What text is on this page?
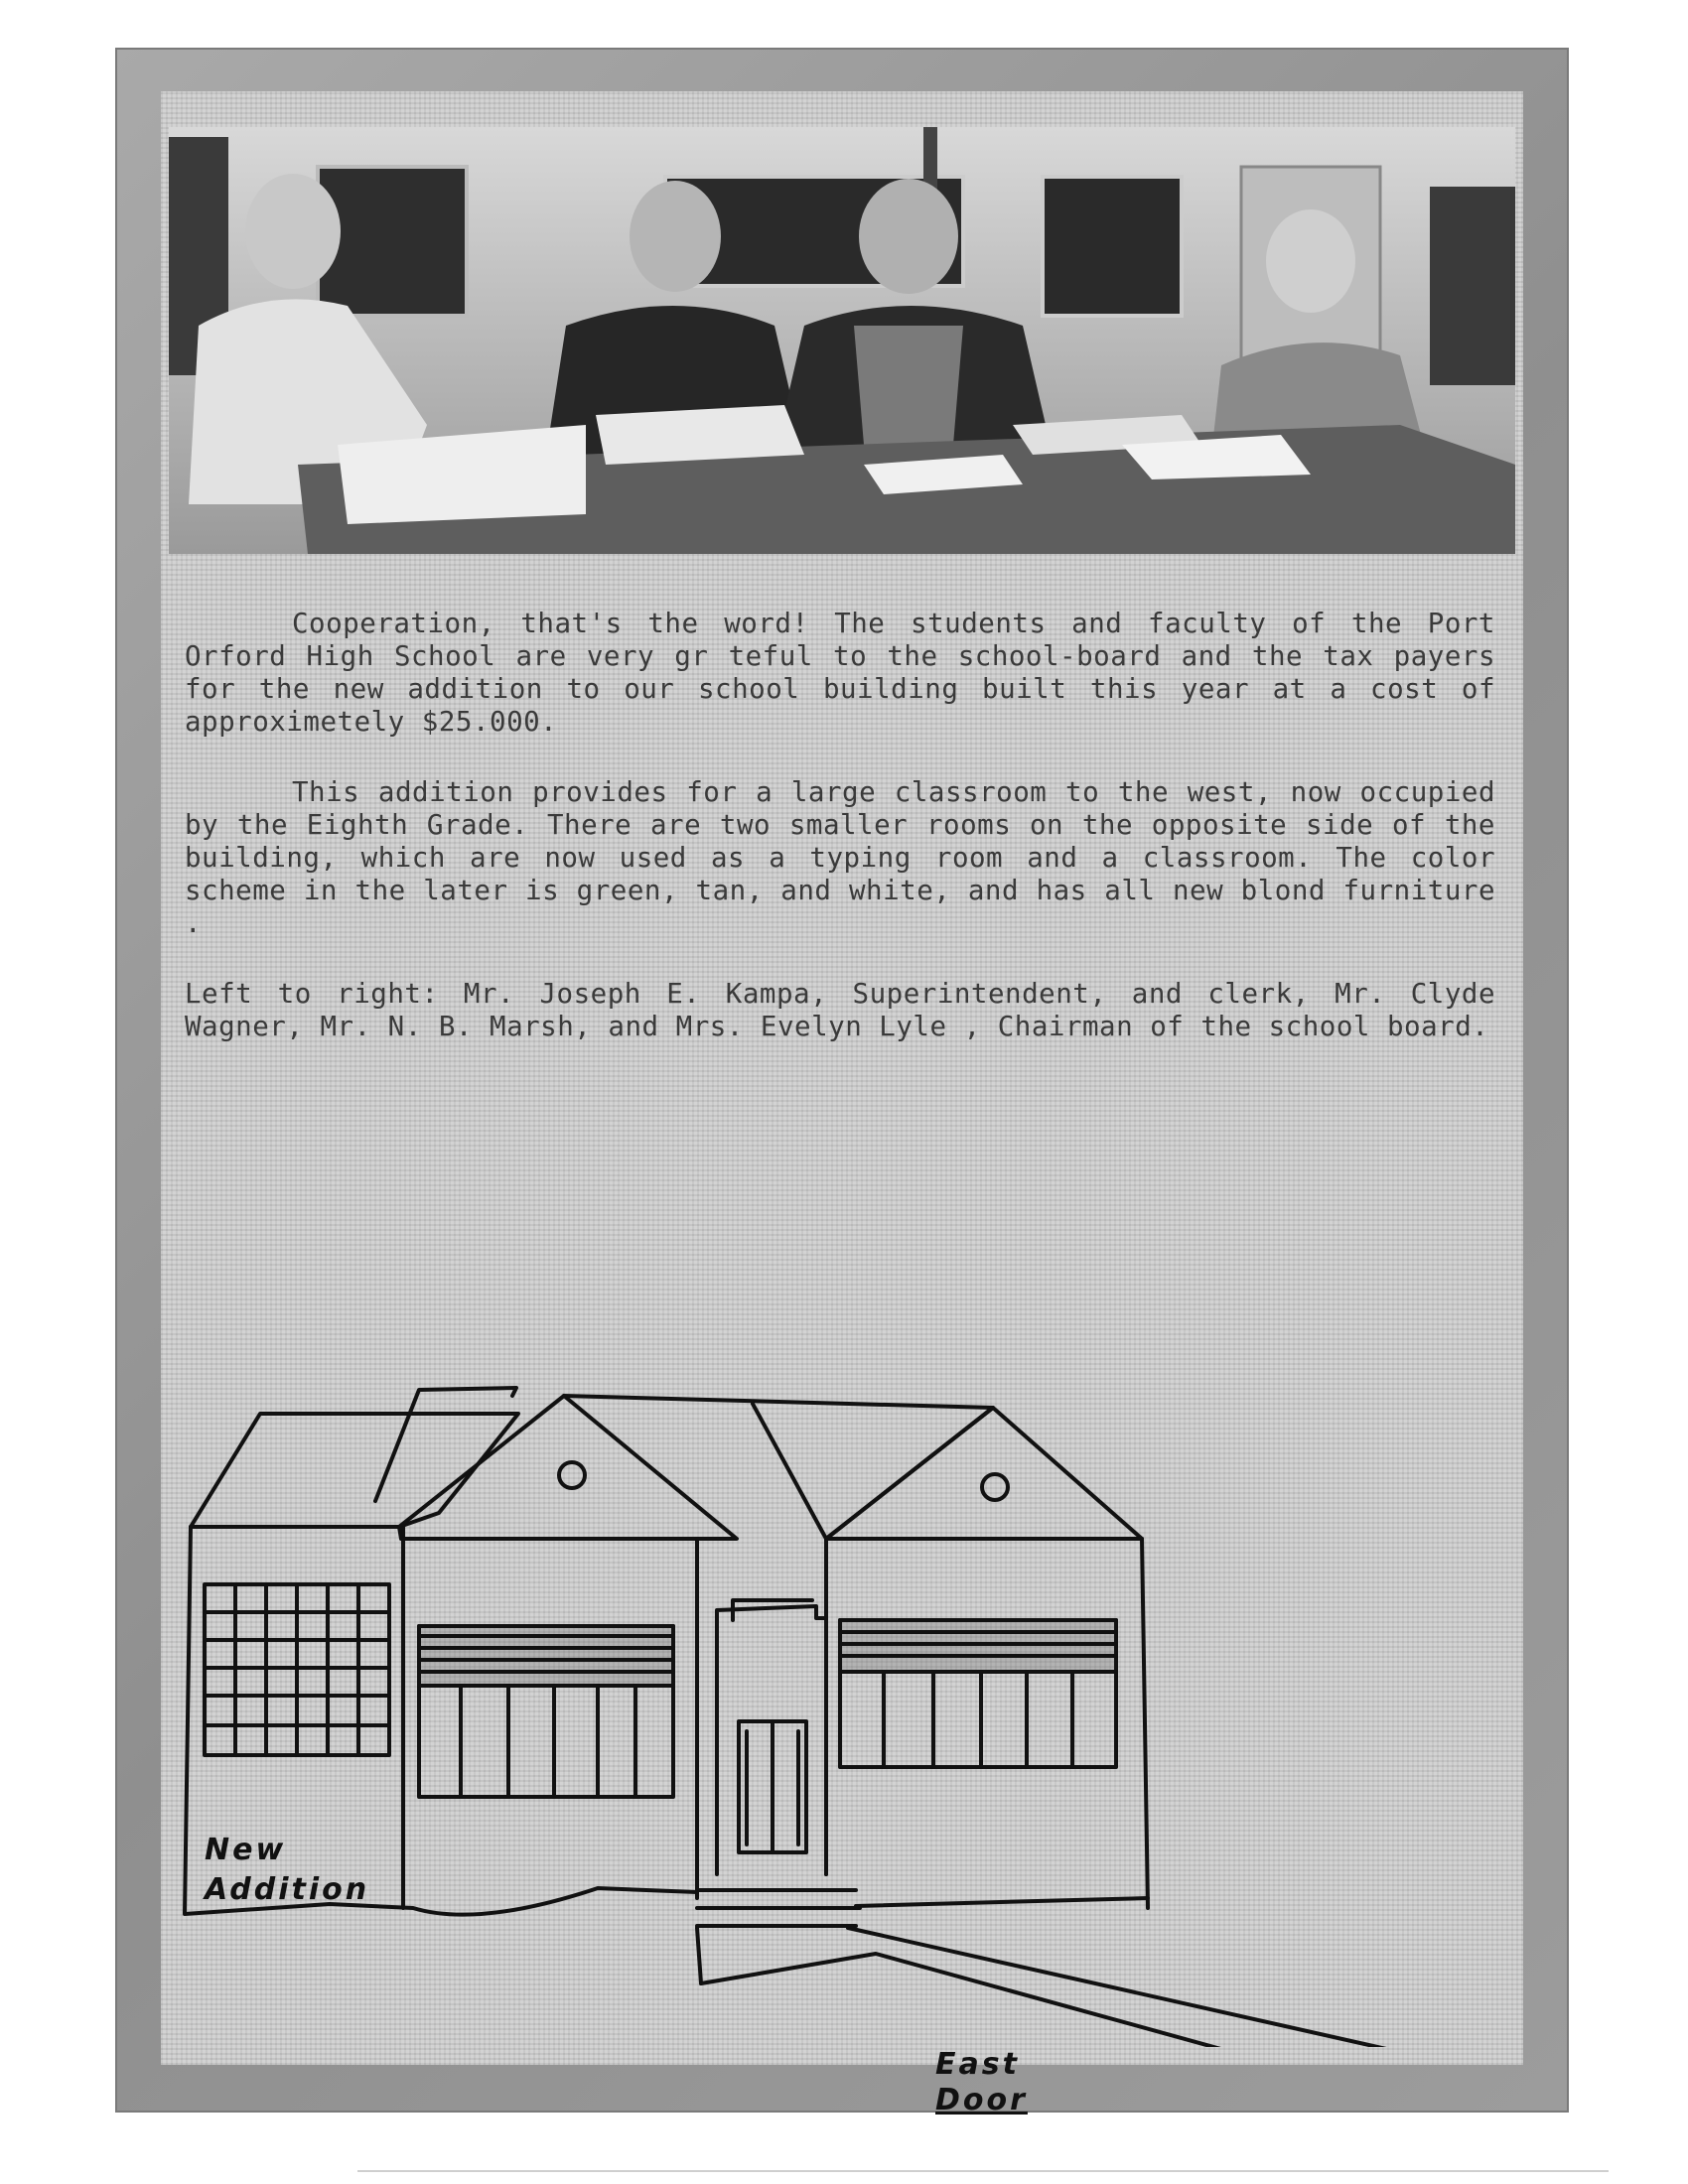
Cooperation, that's the word! The students and faculty of the Port Orford High School are very gr teful to the school-board and the tax payers for the new addition to our school building built this year at a cost of approximetely $25.000.

This addition provides for a large classroom to the west, now occupied by the Eighth Grade. There are two smaller rooms on the opposite side of the building, which are now used as a typing room and a classroom. The color scheme in the later is green, tan, and white, and has all new blond furniture .

Left to right: Mr. Joseph E. Kampa, Superintendent, and clerk, Mr. Clyde Wagner, Mr. N. B. Marsh, and Mrs. Evelyn Lyle , Chairman of the school board.

New
Addition
East
Door
